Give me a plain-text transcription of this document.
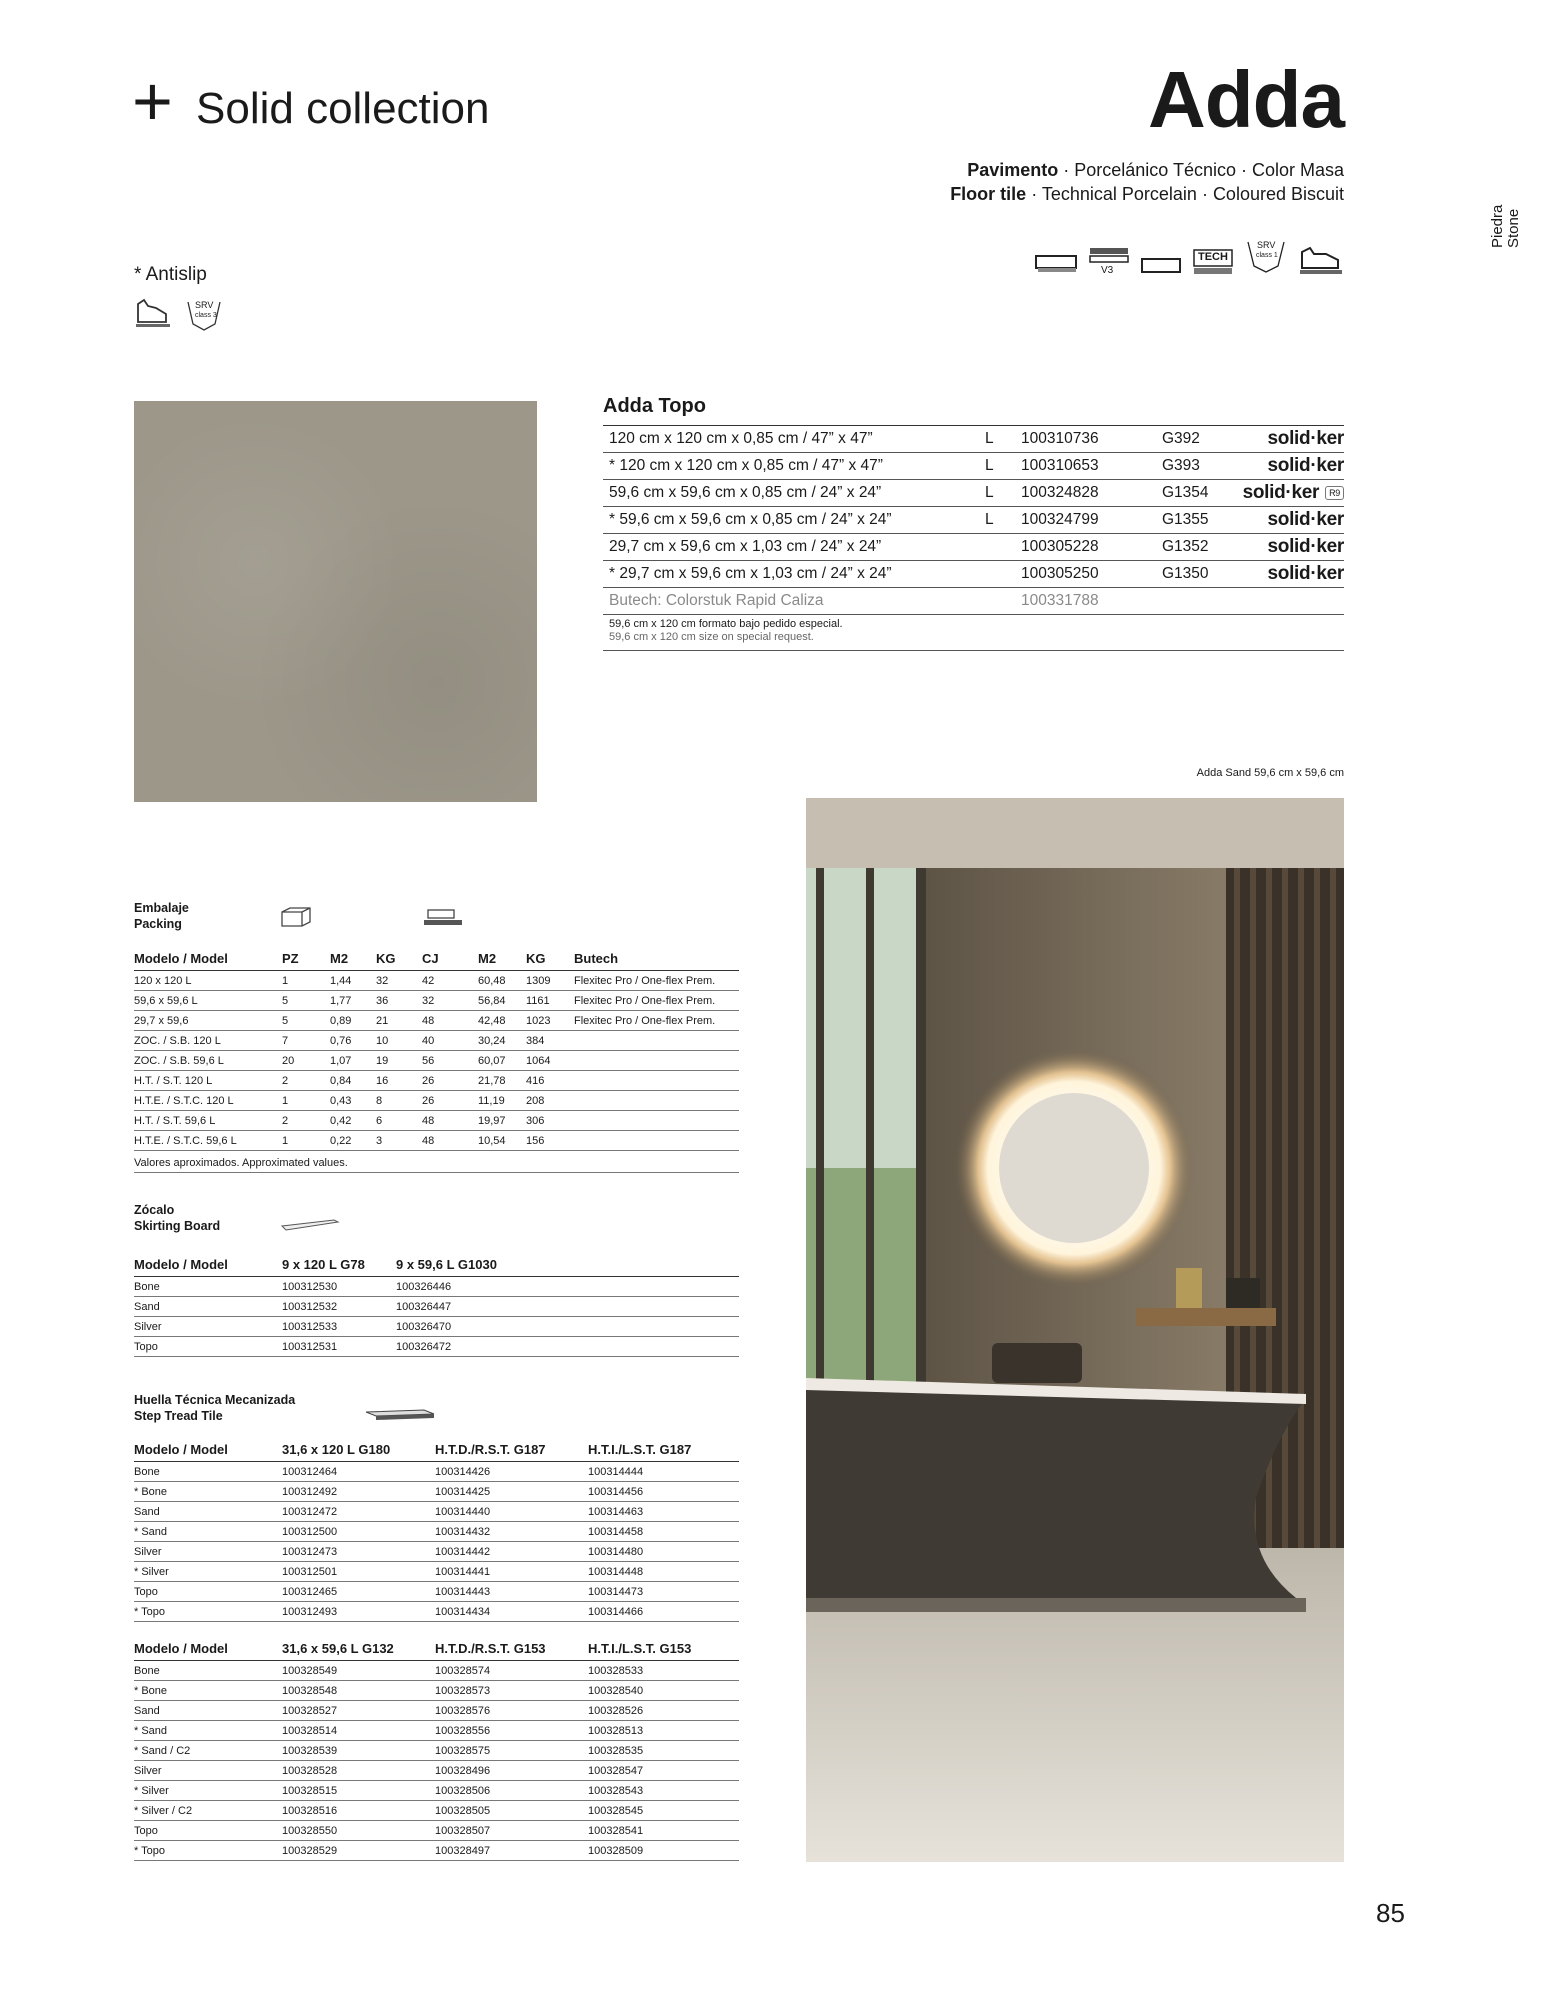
+ Solid collection	Adda
Pavimento · Porcelánico Técnico · Color Masa
Floor tile · Technical Porcelain · Coloured Biscuit
Piedra Stone
V3
TECH
SRV
class 1
* Antislip
SRV
class 3
Adda Topo
120 cm x 120 cm x 0,85 cm / 47” x 47”	L	100310736	G392	solid·ker
* 120 cm x 120 cm x 0,85 cm / 47” x 47”	L	100310653	G393	solid·ker
59,6 cm x 59,6 cm x 0,85 cm / 24” x 24”	L	100324828	G1354	solid·ker R9
* 59,6 cm x 59,6 cm x 0,85 cm / 24” x 24”	L	100324799	G1355	solid·ker
29,7 cm x 59,6 cm x 1,03 cm / 24” x 24”		100305228	G1352	solid·ker
* 29,7 cm x 59,6 cm x 1,03 cm / 24” x 24”		100305250	G1350	solid·ker
Butech: Colorstuk Rapid Caliza		100331788		
59,6 cm x 120 cm formato bajo pedido especial.
59,6 cm x 120 cm size on special request.
Adda Sand 59,6 cm x 59,6 cm
Embalaje
Packing
Modelo / Model	PZ	M2	KG	CJ	M2	KG	Butech
120 x 120 L	1	1,44	32	42	60,48	1309	Flexitec Pro / One-flex Prem.
59,6 x 59,6 L	5	1,77	36	32	56,84	1161	Flexitec Pro / One-flex Prem.
29,7 x 59,6	5	0,89	21	48	42,48	1023	Flexitec Pro / One-flex Prem.
ZOC. / S.B. 120 L	7	0,76	10	40	30,24	384	
ZOC. / S.B. 59,6 L	20	1,07	19	56	60,07	1064	
H.T. / S.T. 120 L	2	0,84	16	26	21,78	416	
H.T.E. / S.T.C. 120 L	1	0,43	8	26	11,19	208	
H.T. / S.T. 59,6 L	2	0,42	6	48	19,97	306	
H.T.E. / S.T.C. 59,6 L	1	0,22	3	48	10,54	156	
Valores aproximados. Approximated values.
Zócalo
Skirting Board
Modelo / Model	9 x 120 L G78	9 x 59,6 L G1030
Bone	100312530	100326446
Sand	100312532	100326447
Silver	100312533	100326470
Topo	100312531	100326472
Huella Técnica Mecanizada
Step Tread Tile
Modelo / Model	31,6 x 120 L G180	H.T.D./R.S.T. G187	H.T.I./L.S.T. G187
Bone	100312464	100314426	100314444
* Bone	100312492	100314425	100314456
Sand	100312472	100314440	100314463
* Sand	100312500	100314432	100314458
Silver	100312473	100314442	100314480
* Silver	100312501	100314441	100314448
Topo	100312465	100314443	100314473
* Topo	100312493	100314434	100314466
Modelo / Model	31,6 x 59,6 L G132	H.T.D./R.S.T. G153	H.T.I./L.S.T. G153
Bone	100328549	100328574	100328533
* Bone	100328548	100328573	100328540
Sand	100328527	100328576	100328526
* Sand	100328514	100328556	100328513
* Sand / C2	100328539	100328575	100328535
Silver	100328528	100328496	100328547
* Silver	100328515	100328506	100328543
* Silver / C2	100328516	100328505	100328545
Topo	100328550	100328507	100328541
* Topo	100328529	100328497	100328509
85
